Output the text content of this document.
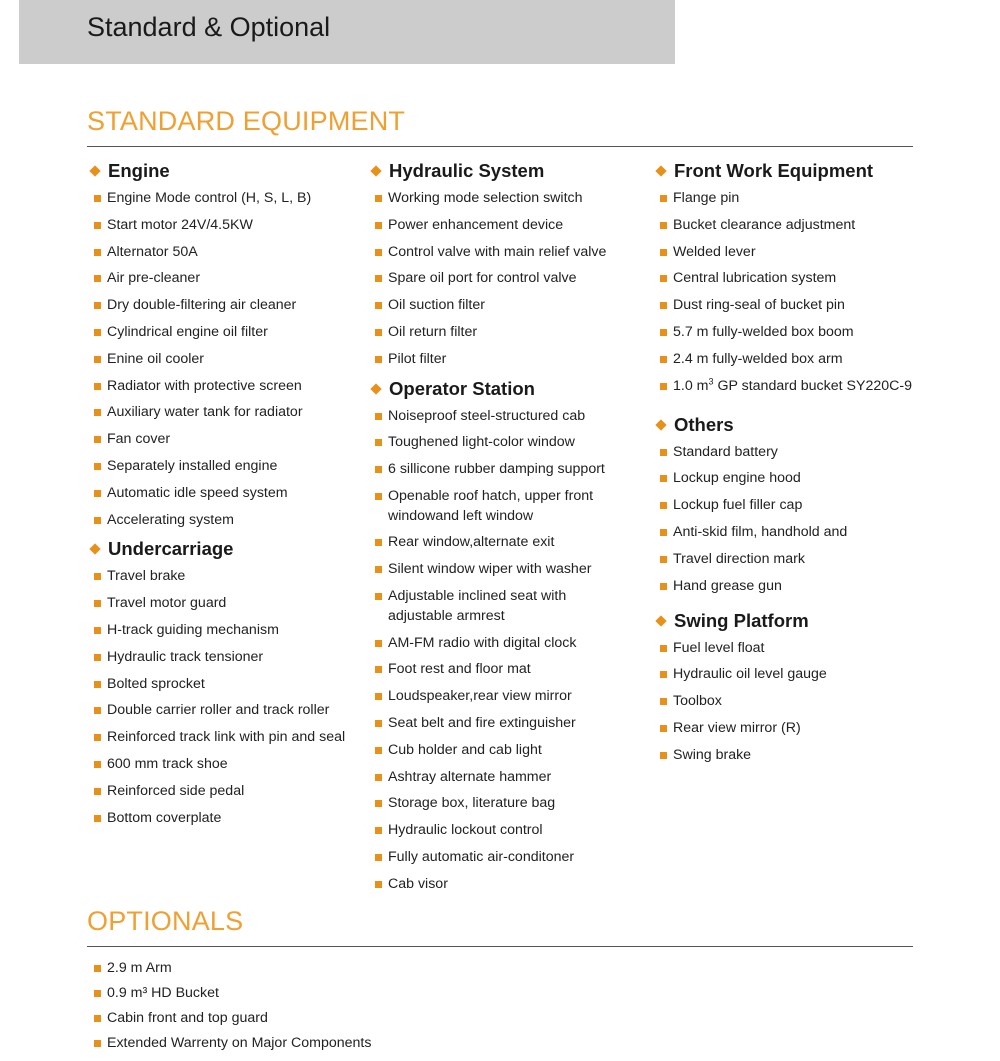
Standard & Optional
STANDARD EQUIPMENT
Engine
Engine Mode control (H, S, L, B)
Start motor 24V/4.5KW
Alternator 50A
Air pre-cleaner
Dry double-filtering air cleaner
Cylindrical engine oil filter
Enine oil cooler
Radiator with protective screen
Auxiliary water tank for radiator
Fan cover
Separately installed engine
Automatic idle speed system
Accelerating system
Undercarriage
Travel brake
Travel motor guard
H-track guiding mechanism
Hydraulic track tensioner
Bolted sprocket
Double carrier roller and track roller
Reinforced track link with pin and seal
600 mm track shoe
Reinforced side pedal
Bottom coverplate
Hydraulic System
Working mode selection switch
Power enhancement device
Control valve with main relief valve
Spare oil port for control valve
Oil suction filter
Oil return filter
Pilot filter
Operator Station
Noiseproof steel-structured cab
Toughened light-color window
6 sillicone rubber damping support
Openable roof hatch, upper front windowand left window
Rear window,alternate exit
Silent window wiper with washer
Adjustable inclined seat with adjustable armrest
AM-FM radio with digital clock
Foot rest and floor mat
Loudspeaker,rear view mirror
Seat belt and fire extinguisher
Cub holder and cab light
Ashtray alternate hammer
Storage box, literature bag
Hydraulic lockout control
Fully automatic air-conditoner
Cab visor
Front Work Equipment
Flange pin
Bucket clearance adjustment
Welded lever
Central lubrication system
Dust ring-seal of bucket pin
5.7 m fully-welded box boom
2.4 m fully-welded box arm
1.0 $m^3$ GP standard bucket SY220C-9
Others
Standard battery
Lockup engine hood
Lockup fuel filler cap
Anti-skid film, handhold and
Travel direction mark
Hand grease gun
Swing Platform
Fuel level float
Hydraulic oil level gauge
Toolbox
Rear view mirror (R)
Swing brake
OPTIONALS
2.9 m Arm
0.9 m³ HD Bucket
Cabin front and top guard
Extended Warrenty on Major Components
